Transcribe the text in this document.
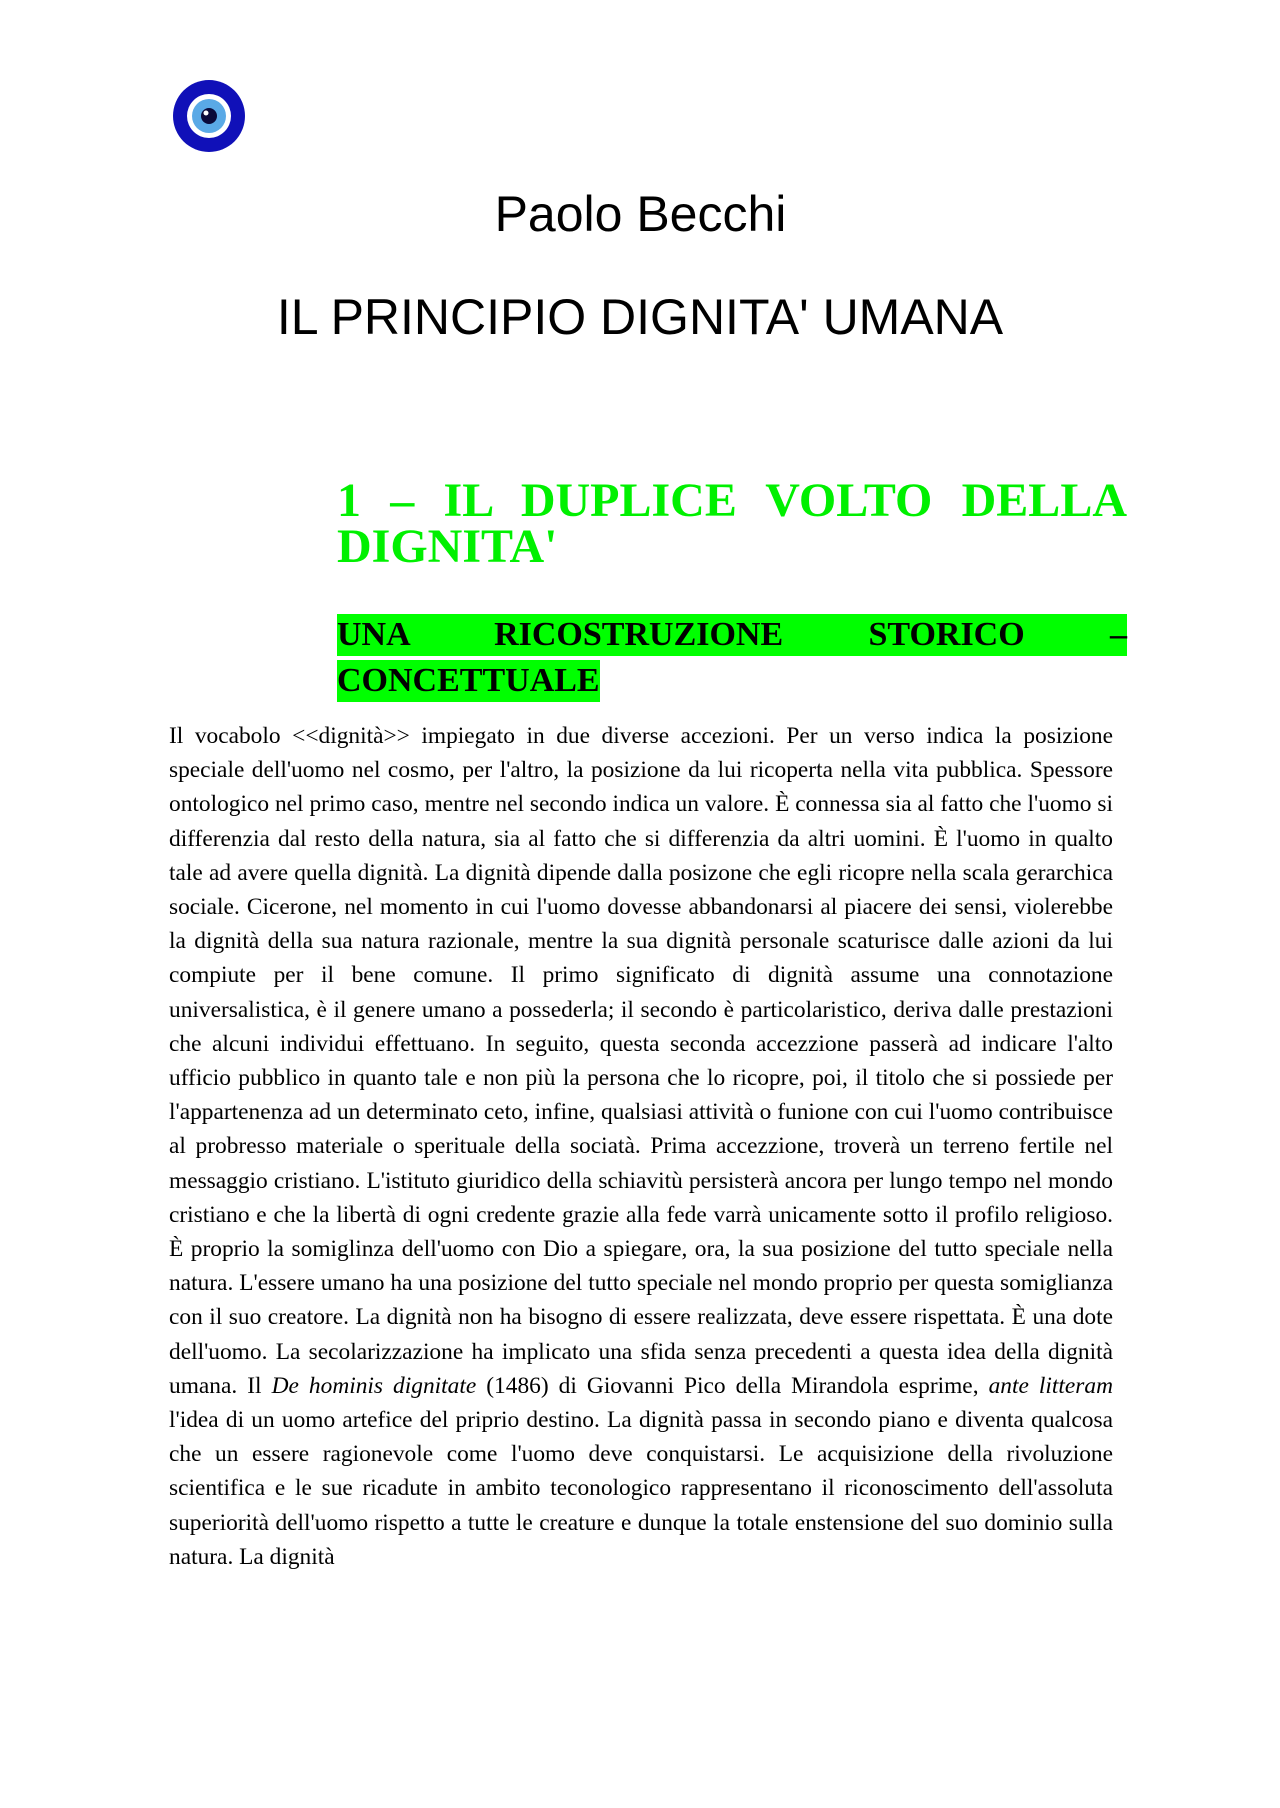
Paolo Becchi
IL PRINCIPIO DIGNITA' UMANA
1 – IL DUPLICE VOLTO DELLA
DIGNITA'
UNA RICOSTRUZIONE STORICO –
CONCETTUALE

Il vocabolo <<dignità>> impiegato in due diverse accezioni. Per un verso indica la posizione speciale dell'uomo nel cosmo, per l'altro, la posizione da lui ricoperta nella vita pubblica. Spessore ontologico nel primo caso, mentre nel secondo indica un valore. È connessa sia al fatto che l'uomo si differenzia dal resto della natura, sia al fatto che si differenzia da altri uomini. È l'uomo in qualto tale ad avere quella dignità. La dignità dipende dalla posizone che egli ricopre nella scala gerarchica sociale. Cicerone, nel momento in cui l'uomo dovesse abbandonarsi al piacere dei sensi, violerebbe la dignità della sua natura razionale, mentre la sua dignità personale scaturisce dalle azioni da lui compiute per il bene comune. Il primo significato di dignità assume una connotazione universalistica, è il genere umano a possederla; il secondo è particolaristico, deriva dalle prestazioni che alcuni individui effettuano. In seguito, questa seconda accezzione passerà ad indicare l'alto ufficio pubblico in quanto tale e non più la persona che lo ricopre, poi, il titolo che si possiede per l'appartenenza ad un determinato ceto, infine, qualsiasi attività o funione con cui l'uomo contribuisce al probresso materiale o sperituale della sociatà. Prima accezzione, troverà un terreno fertile nel messaggio cristiano. L'istituto giuridico della schiavitù persisterà ancora per lungo tempo nel mondo cristiano e che la libertà di ogni credente grazie alla fede varrà unicamente sotto il profilo religioso. È proprio la somiglinza dell'uomo con Dio a spiegare, ora, la sua posizione del tutto speciale nella natura. L'essere umano ha una posizione del tutto speciale nel mondo proprio per questa somiglianza con il suo creatore. La dignità non ha bisogno di essere realizzata, deve essere rispettata. È una dote dell'uomo. La secolarizzazione ha implicato una sfida senza precedenti a questa idea della dignità umana. Il De hominis dignitate (1486) di Giovanni Pico della Mirandola esprime, ante litteram l'idea di un uomo artefice del priprio destino. La dignità passa in secondo piano e diventa qualcosa che un essere ragionevole come l'uomo deve conquistarsi. Le acquisizione della rivoluzione scientifica e le sue ricadute in ambito teconologico rappresentano il riconoscimento dell'assoluta superiorità dell'uomo rispetto a tutte le creature e dunque la totale enstensione del suo dominio sulla natura. La dignità
